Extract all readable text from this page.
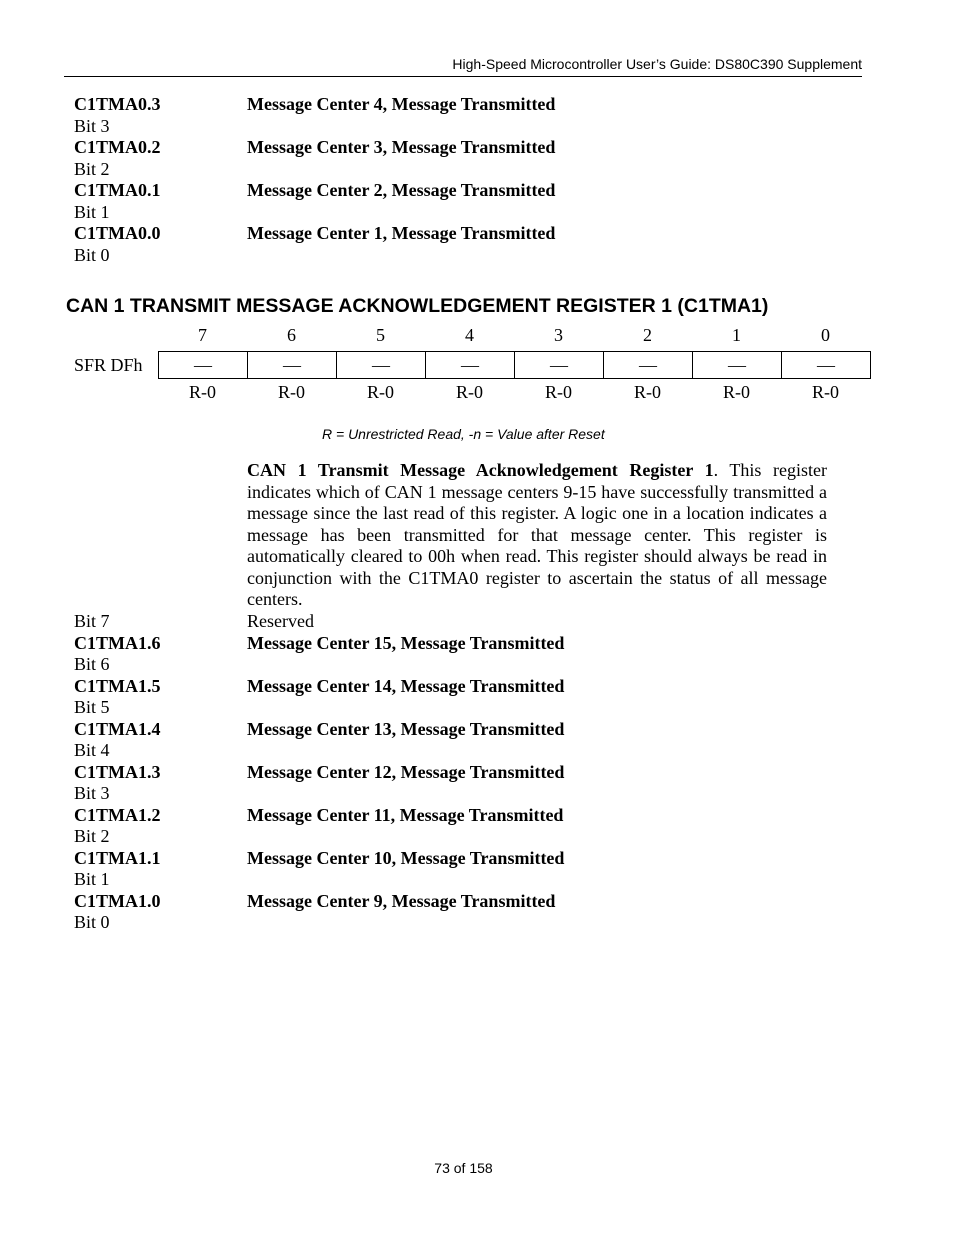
High-Speed Microcontroller User’s Guide: DS80C390 Supplement
C1TMA0.3	Message Center 4, Message Transmitted
Bit 3
C1TMA0.2	Message Center 3, Message Transmitted
Bit 2
C1TMA0.1	Message Center 2, Message Transmitted
Bit 1
C1TMA0.0	Message Center 1, Message Transmitted
Bit 0
CAN 1 TRANSMIT MESSAGE ACKNOWLEDGEMENT REGISTER 1 (C1TMA1)
7	6	5	4	3	2	1	0
SFR DFh	—	—	—	—	—	—	—	—
R-0	R-0	R-0	R-0	R-0	R-0	R-0	R-0
R = Unrestricted Read, -n = Value after Reset
CAN 1 Transmit Message Acknowledgement Register 1. This register indicates which of CAN 1 message centers 9-15 have successfully transmitted a message since the last read of this register. A logic one in a location indicates a message has been transmitted for that message center. This register is automatically cleared to 00h when read. This register should always be read in conjunction with the C1TMA0 register to ascertain the status of all message centers.
Bit 7	Reserved
C1TMA1.6	Message Center 15, Message Transmitted
Bit 6
C1TMA1.5	Message Center 14, Message Transmitted
Bit 5
C1TMA1.4	Message Center 13, Message Transmitted
Bit 4
C1TMA1.3	Message Center 12, Message Transmitted
Bit 3
C1TMA1.2	Message Center 11, Message Transmitted
Bit 2
C1TMA1.1	Message Center 10, Message Transmitted
Bit 1
C1TMA1.0	Message Center 9, Message Transmitted
Bit 0
73 of 158
